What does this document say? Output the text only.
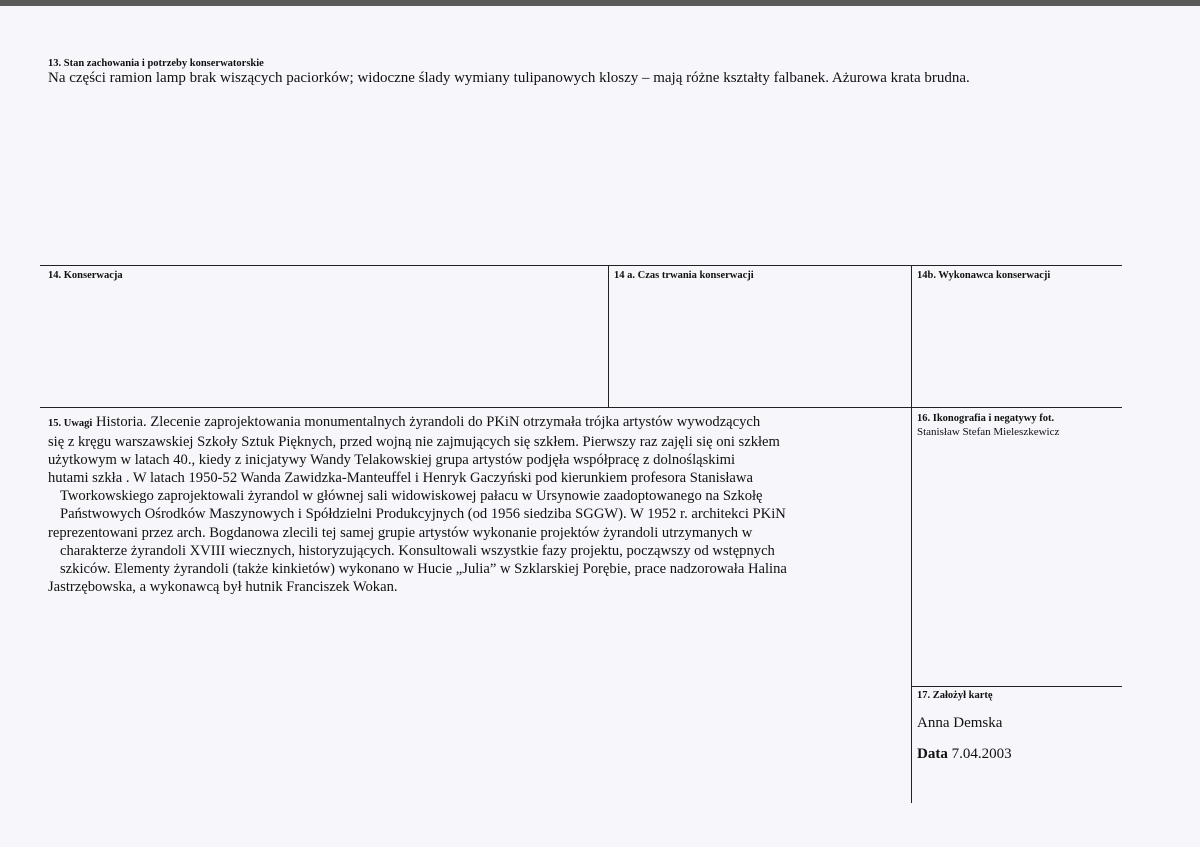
13. Stan zachowania i potrzeby konserwatorskie
Na części ramion lamp brak wiszących paciorków; widoczne ślady wymiany tulipanowych kloszy – mają różne kształty falbanek. Ażurowa krata brudna.
14. Konserwacja	14 a. Czas trwania konserwacji	14b. Wykonawca konserwacji
15. Uwagi Historia. Zlecenie zaprojektowania monumentalnych żyrandoli do PKiN otrzymała trójka artystów wywodzących
się z kręgu warszawskiej Szkoły Sztuk Pięknych, przed wojną nie zajmujących się szkłem. Pierwszy raz zajęli się oni szkłem
użytkowym w latach 40., kiedy z inicjatywy Wandy Telakowskiej grupa artystów podjęła współpracę z dolnośląskimi
hutami szkła . W latach 1950-52 Wanda Zawidzka-Manteuffel i Henryk Gaczyński pod kierunkiem profesora Stanisława
Tworkowskiego zaprojektowali żyrandol w głównej sali widowiskowej pałacu w Ursynowie zaadoptowanego na Szkołę
Państwowych Ośrodków Maszynowych i Spółdzielni Produkcyjnych (od 1956 siedziba SGGW). W 1952 r. architekci PKiN
reprezentowani przez arch. Bogdanowa zlecili tej samej grupie artystów wykonanie projektów żyrandoli utrzymanych w
charakterze żyrandoli XVIII wiecznych, historyzujących. Konsultowali wszystkie fazy projektu, począwszy od wstępnych
szkiców. Elementy żyrandoli (także kinkietów) wykonano w Hucie „Julia” w Szklarskiej Porębie, prace nadzorowała Halina
Jastrzębowska, a wykonawcą był hutnik Franciszek Wokan.
16. Ikonografia i negatywy fot.
Stanisław Stefan Mieleszkewicz
17. Założył kartę
Anna Demska
Data 7.04.2003
